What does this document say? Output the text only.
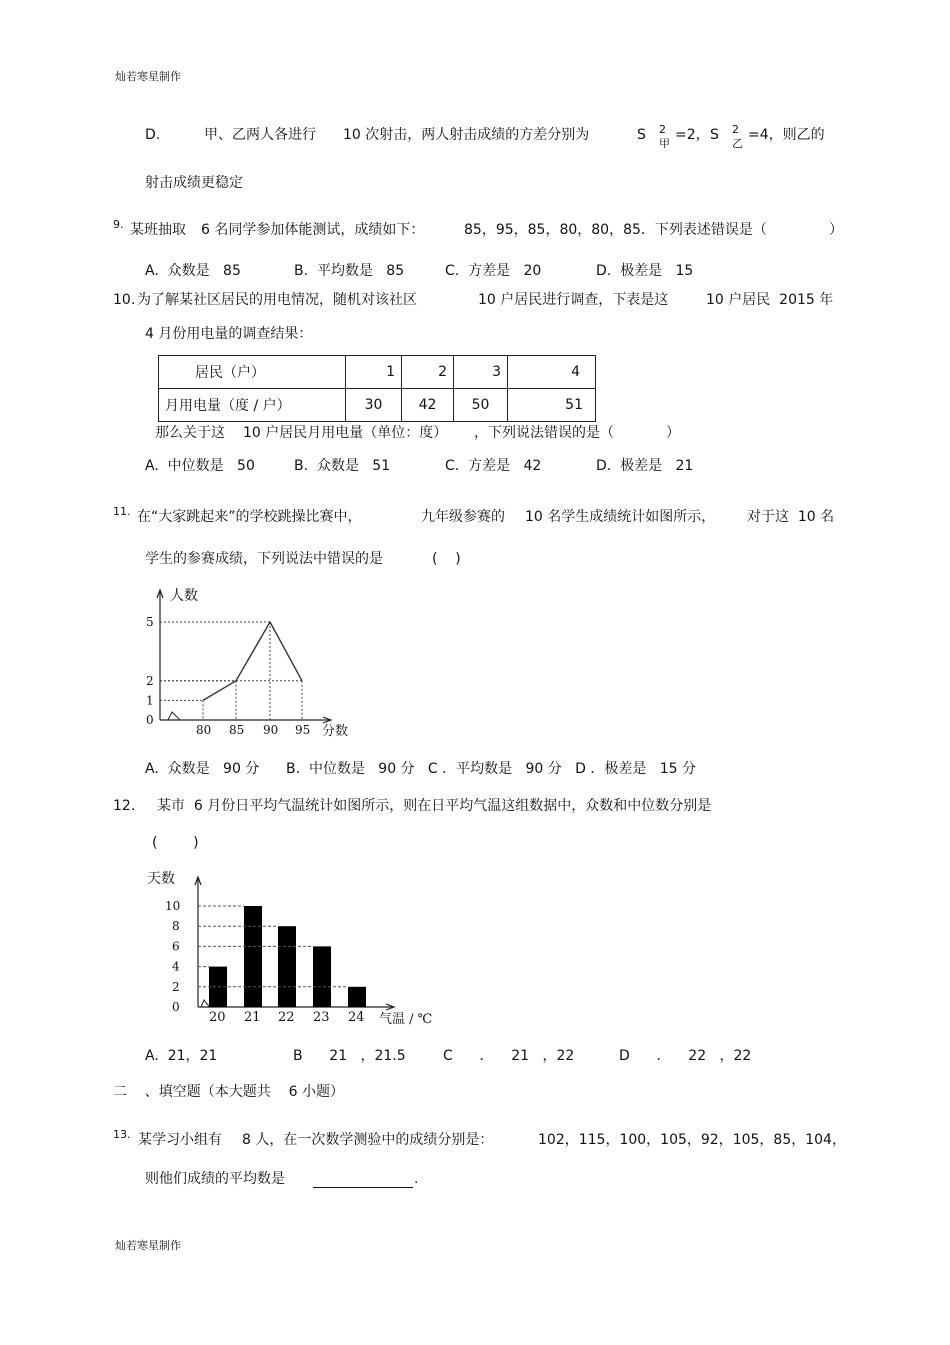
灿若寒星制作
灿若寒星制作
D.	甲、乙两人各进行 10 次射击，两人射击成绩的方差分别为	S 2
甲
=2， S 2
乙
=4，则乙的
射击成绩更稳定
9. 某班抽取 6 名同学参加体能测试，成绩如下：	85，95，85，80，80，85．下列表述错误是（	）
A.  众数是   85	B.  平均数是   85	C.  方差是   20	D.  极差是   15
10. 为了解某社区居民的用电情况，随机对该社区	10 户居民进行调查，下表是这	10 户居民  2015 年
4 月份用电量的调查结果：
居民（户）	1	2	3	4
月用电量（度 / 户）	30	42	50	51
那么关于这 10 户居民月用电量（单位：度） ，下列说法错误的是（	）
A.  中位数是   50	B.  众数是   51	C.  方差是   42	D.  极差是   21
11. 在“大家跳起来”的学校跳操比赛中，	九年级参赛的 10 名学生成绩统计如图所示， 对于这  10 名
学生的参赛成绩，下列说法中错误的是	(    )
人数
分数
5
2
1
0
80 85 90 95
A.  众数是   90 分      B.  中位数是   90 分   C ．平均数是   90 分   D ．极差是   15 分
12. 某市  6 月份日平均气温统计如图所示，则在日平均气温这组数据中，众数和中位数分别是
(        )
天数
气温 / ℃
10
8
6
4
2
0
20 21 22 23 24
A.  21，21	B      21   ，21.5	C      ．    21   ，22	D      ．    22   ，22
二    、填空题（本大题共    6 小题）
13. 某学习小组有 8 人，在一次数学测验中的成绩分别是：	102，115，100，105，92，105，85，104，
则他们成绩的平均数是	.
